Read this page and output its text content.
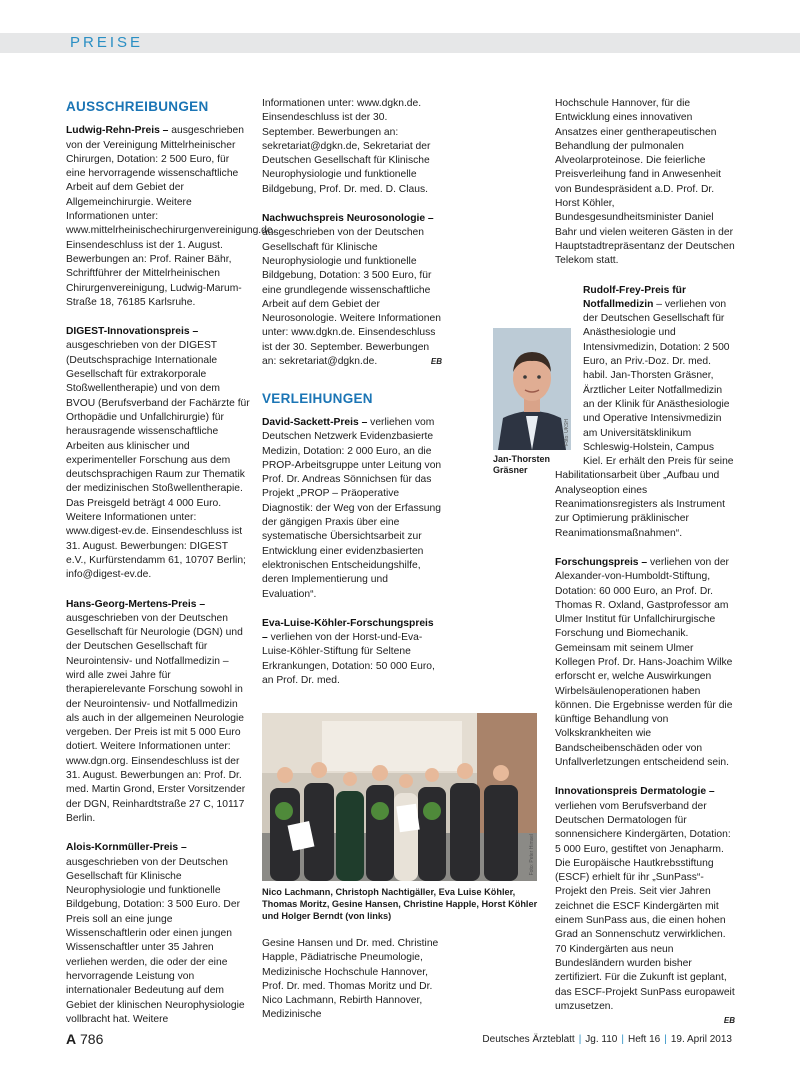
PREISE
AUSSCHREIBUNGEN

Ludwig-Rehn-Preis – ausgeschrieben von der Vereinigung Mittelrheinischer Chirurgen, Dotation: 2 500 Euro, für eine hervorragende wissenschaftliche Arbeit auf dem Gebiet der Allgemeinchirurgie. Weitere Informationen unter: www.mittelrheinischechirurgenvereinigung.de. Einsendeschluss ist der 1. August. Bewerbungen an: Prof. Rainer Bähr, Schriftführer der Mittelrheinischen Chirurgenvereinigung, Ludwig-Marum-Straße 18, 76185 Karlsruhe.

DIGEST-Innovationspreis – ausgeschrieben von der DIGEST (Deutschsprachige Internationale Gesellschaft für extrakorporale Stoßwellentherapie) und von dem BVOU (Berufsverband der Fachärzte für Orthopädie und Unfallchirurgie) für herausragende wissenschaftliche Arbeiten aus klinischer und experimenteller Forschung aus dem deutschsprachigen Raum zur Thematik der medizinischen Stoßwellentherapie. Das Preisgeld beträgt 4 000 Euro. Weitere Informationen unter: www.digest-ev.de. Einsendeschluss ist 31. August. Bewerbungen: DIGEST e.V., Kurfürstendamm 61, 10707 Berlin; info@digest-ev.de.

Hans-Georg-Mertens-Preis – ausgeschrieben von der Deutschen Gesellschaft für Neurologie (DGN) und der Deutschen Gesellschaft für Neurointensiv- und Notfallmedizin – wird alle zwei Jahre für therapierelevante Forschung sowohl in der Neurointensiv- und Notfallmedizin als auch in der allgemeinen Neurologie vergeben. Der Preis ist mit 5 000 Euro dotiert. Weitere Informationen unter: www.dgn.org. Einsendeschluss ist der 31. August. Bewerbungen an: Prof. Dr. med. Martin Grond, Erster Vorsitzender der DGN, Reinhardtstraße 27 C, 10117 Berlin.

Alois-Kornmüller-Preis – ausgeschrieben von der Deutschen Gesellschaft für Klinische Neurophysiologie und funktionelle Bildgebung, Dotation: 3 500 Euro. Der Preis soll an eine junge Wissenschaftlerin oder einen jungen Wissenschaftler unter 35 Jahren verliehen werden, die oder der eine hervorragende Leistung von internationaler Bedeutung auf dem Gebiet der klinischen Neurophysiologie vollbracht hat. Weitere

Informationen unter: www.dgkn.de. Einsendeschluss ist der 30. September. Bewerbungen an: sekretariat@dgkn.de, Sekretariat der Deutschen Gesellschaft für Klinische Neurophysiologie und funktionelle Bildgebung, Prof. Dr. med. D. Claus.

Nachwuchspreis Neurosonologie – ausgeschrieben von der Deutschen Gesellschaft für Klinische Neurophysiologie und funktionelle Bildgebung, Dotation: 3 500 Euro, für eine grundlegende wissenschaftliche Arbeit auf dem Gebiet der Neurosonologie. Weitere Informationen unter: www.dgkn.de. Einsendeschluss ist der 30. September. Bewerbungen an: sekretariat@dgkn.de.	EB
VERLEIHUNGEN

David-Sackett-Preis – verliehen vom Deutschen Netzwerk Evidenzbasierte Medizin, Dotation: 2 000 Euro, an die PROP-Arbeitsgruppe unter Leitung von Prof. Dr. Andreas Sönnichsen für das Projekt „PROP – Präoperative Diagnostik: der Weg von der Erfassung der gängigen Praxis über eine systematische Übersichtsarbeit zur Entwicklung einer evidenzbasierten elektronischen Entscheidungshilfe, deren Implementierung und Evaluation“.

Eva-Luise-Köhler-Forschungspreis – verliehen von der Horst-und-Eva-Luise-Köhler-Stiftung für Seltene Erkrankungen, Dotation: 50 000 Euro, an Prof. Dr. med.

Foto: Peter Himsel
Nico Lachmann, Christoph Nachtigäller, Eva Luise Köhler, Thomas Moritz, Gesine Hansen, Christine Happle, Horst Köhler und Holger Berndt (von links)
Gesine Hansen und Dr. med. Christine Happle, Pädiatrische Pneumologie, Medizinische Hochschule Hannover, Prof. Dr. med. Thomas Moritz und Dr. Nico Lachmann, Rebirth Hannover, Medizinische
Foto: UKSH
Jan-Thorsten Gräsner

Hochschule Hannover, für die Entwicklung eines innovativen Ansatzes einer gentherapeutischen Behandlung der pulmonalen Alveolarproteinose. Die feierliche Preisverleihung fand in Anwesenheit von Bundespräsident a.D. Prof. Dr. Horst Köhler, Bundesgesundheitsminister Daniel Bahr und vielen weiteren Gästen in der Hauptstadtrepräsentanz der Deutschen Telekom statt.

Rudolf-Frey-Preis für Notfallmedizin – verliehen von der Deutschen Gesellschaft für Anästhesiologie und Intensivmedizin, Dotation: 2 500 Euro, an Priv.-Doz. Dr. med. habil. Jan-Thorsten Gräsner, Ärztlicher Leiter Notfallmedizin an der Klinik für Anästhesiologie und Operative Intensivmedizin am Universitätsklinikum Schleswig-Holstein, Campus Kiel. Er erhält den Preis für seine Habilitationsarbeit über „Aufbau und Analyseoption eines Reanimationsregisters als Instrument zur Optimierung präklinischer Reanimationsmaßnahmen“.

Forschungspreis – verliehen von der Alexander-von-Humboldt-Stiftung, Dotation: 60 000 Euro, an Prof. Dr. Thomas R. Oxland, Gastprofessor am Ulmer Institut für Unfallchirurgische Forschung und Biomechanik. Gemeinsam mit seinem Ulmer Kollegen Prof. Dr. Hans-Joachim Wilke erforscht er, welche Auswirkungen Wirbelsäulenoperationen haben können. Die Ergebnisse werden für die künftige Behandlung von Volkskrankheiten wie Bandscheibenschäden oder von Unfallverletzungen entscheidend sein.

Innovationspreis Dermatologie – verliehen vom Berufsverband der Deutschen Dermatologen für sonnensichere Kindergärten, Dotation: 5 000 Euro, gestiftet von Jenapharm. Die Europäische Hautkrebsstiftung (ESCF) erhielt für ihr „SunPass“-Projekt den Preis. Seit vier Jahren zeichnet die ESCF Kindergärten mit einem SunPass aus, die einen hohen Grad an Sonnenschutz verwirklichen. 70 Kindergärten aus neun Bundesländern wurden bisher zertifiziert. Für die Zukunft ist geplant, das ESCF-Projekt SunPass europaweit umzusetzen.

EB
A 786	Deutsches Ärzteblatt | Jg. 110 | Heft 16 | 19. April 2013
